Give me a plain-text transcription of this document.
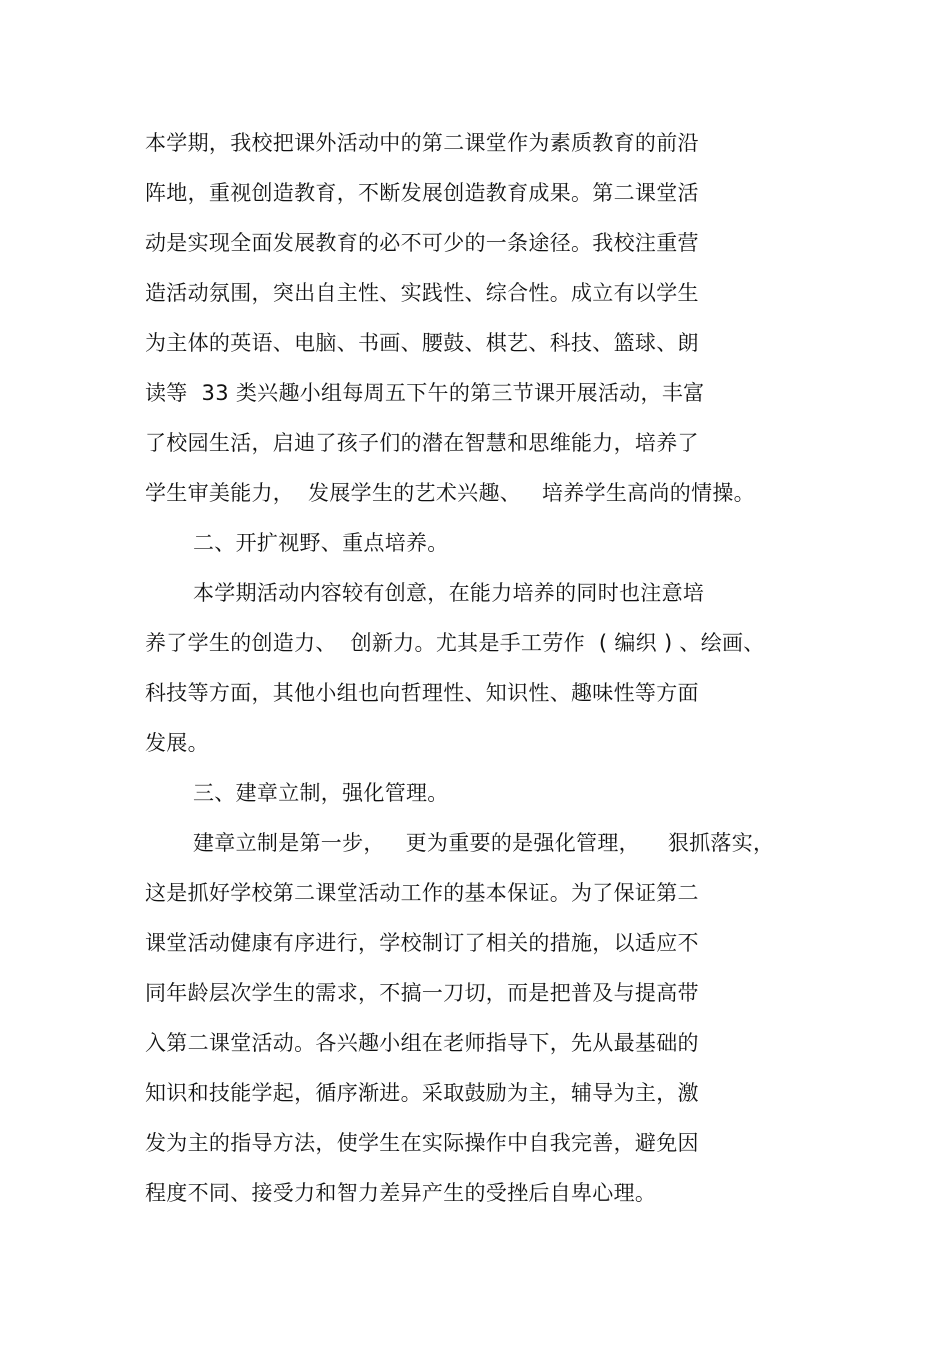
本学期，我校把课外活动中的第二课堂作为素质教育的前沿
阵地，重视创造教育，不断发展创造教育成果。第二课堂活
动是实现全面发展教育的必不可少的一条途径。我校注重营
造活动氛围，突出自主性、实践性、综合性。成立有以学生
为主体的英语、电脑、书画、腰鼓、棋艺、科技、篮球、朗
读等  33 类兴趣小组每周五下午的第三节课开展活动，丰富
了校园生活，启迪了孩子们的潜在智慧和思维能力，培养了
学生审美能力，  发展学生的艺术兴趣、   培养学生高尚的情操。
二、开扩视野、重点培养。
本学期活动内容较有创意，在能力培养的同时也注意培
养了学生的创造力、  创新力。尤其是手工劳作  ( 编织 ) 、绘画、
科技等方面，其他小组也向哲理性、知识性、趣味性等方面
发展。
三、建章立制，强化管理。
建章立制是第一步，   更为重要的是强化管理，    狠抓落实，
这是抓好学校第二课堂活动工作的基本保证。为了保证第二
课堂活动健康有序进行，学校制订了相关的措施，以适应不
同年龄层次学生的需求，不搞一刀切，而是把普及与提高带
入第二课堂活动。各兴趣小组在老师指导下，先从最基础的
知识和技能学起，循序渐进。采取鼓励为主，辅导为主，激
发为主的指导方法，使学生在实际操作中自我完善，避免因
程度不同、接受力和智力差异产生的受挫后自卑心理。
